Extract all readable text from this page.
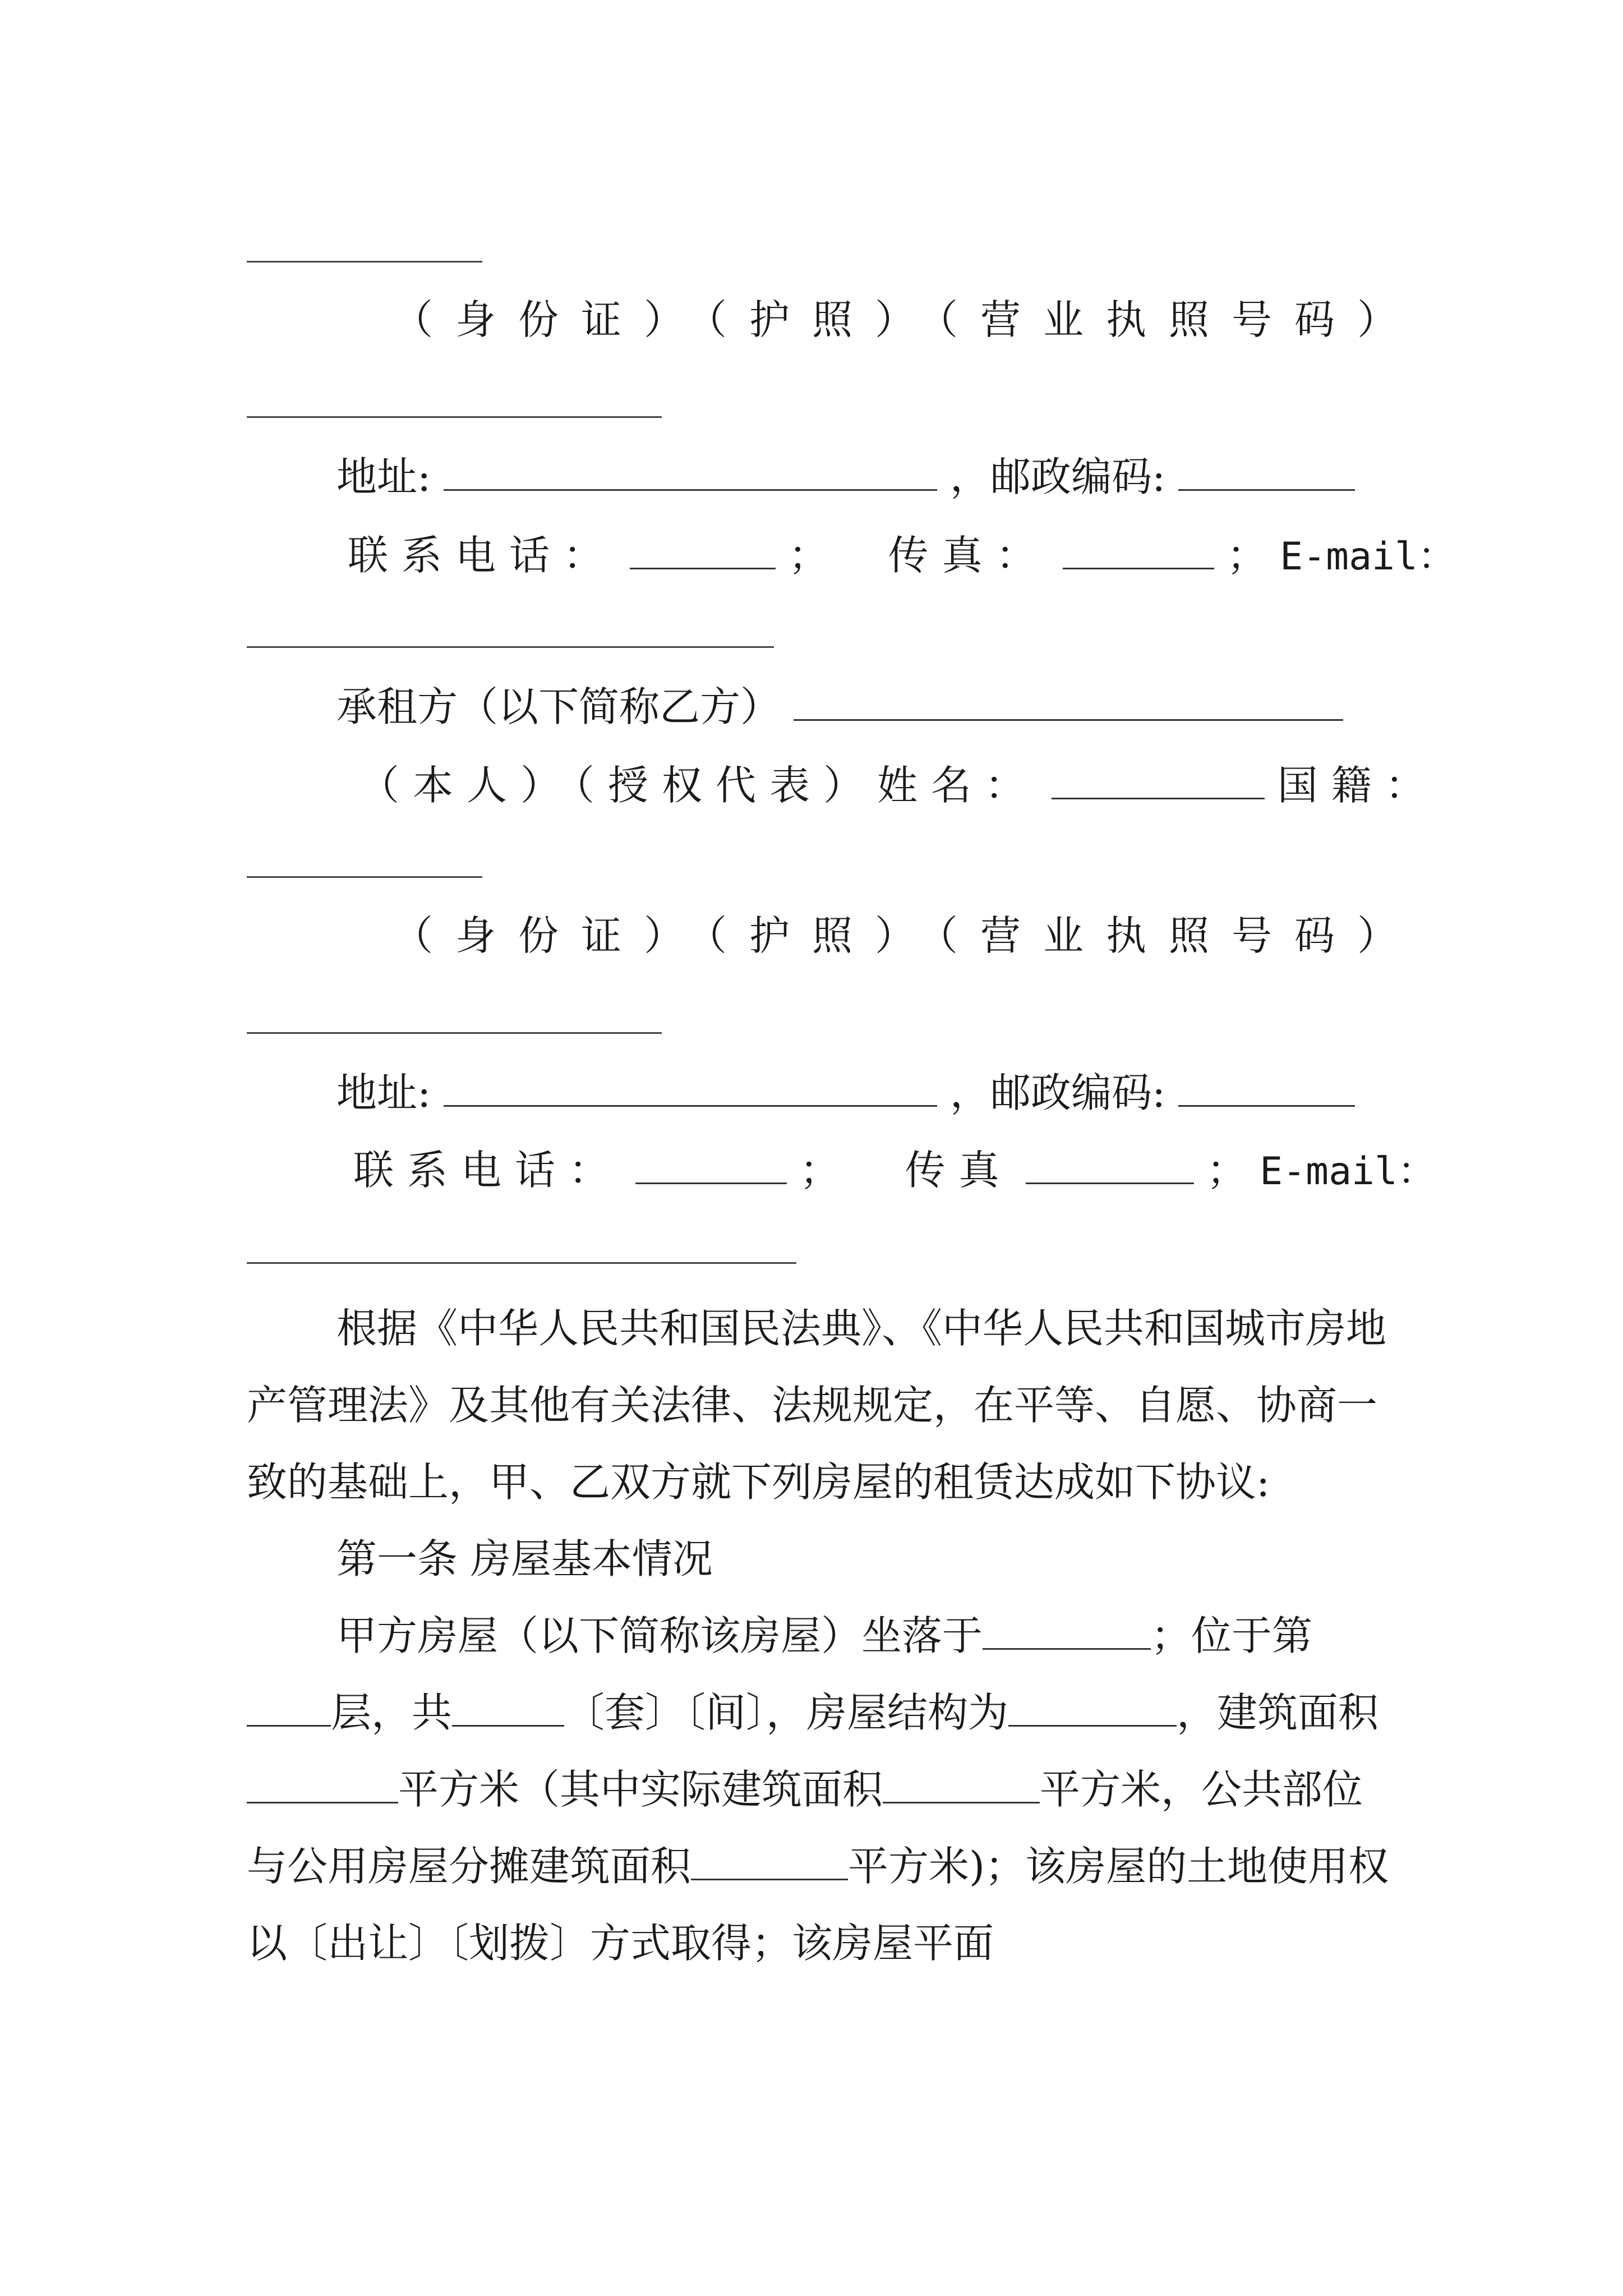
（身份证）（护照）（营业执照号码）
地址:	，邮政编码:
联系电话：	； 传真：	； E-mail：
承租方（以下简称乙方）
（本人）（授权代表）姓名：	国籍：
（身份证）（护照）（营业执照号码）
地址:	，邮政编码:
联系电话：	； 传真	； E-mail：

根据《中华人民共和国民法典》、《中华人民共和国城市房地产管理法》及其他有关法律、法规规定，在平等、自愿、协商一致的基础上，甲、乙双方就下列房屋的租赁达成如下协议:

第一条 房屋基本情况

甲方房屋（以下简称该房屋）坐落于	；位于第层，共	〔套〕〔间〕，房屋结构为	，建筑面积平方米（其中实际建筑面积	平方米，公共部位与公用房屋分摊建筑面积	平方米)；该房屋的土地使用权以〔出让〕〔划拨〕方式取得；该房屋平面
